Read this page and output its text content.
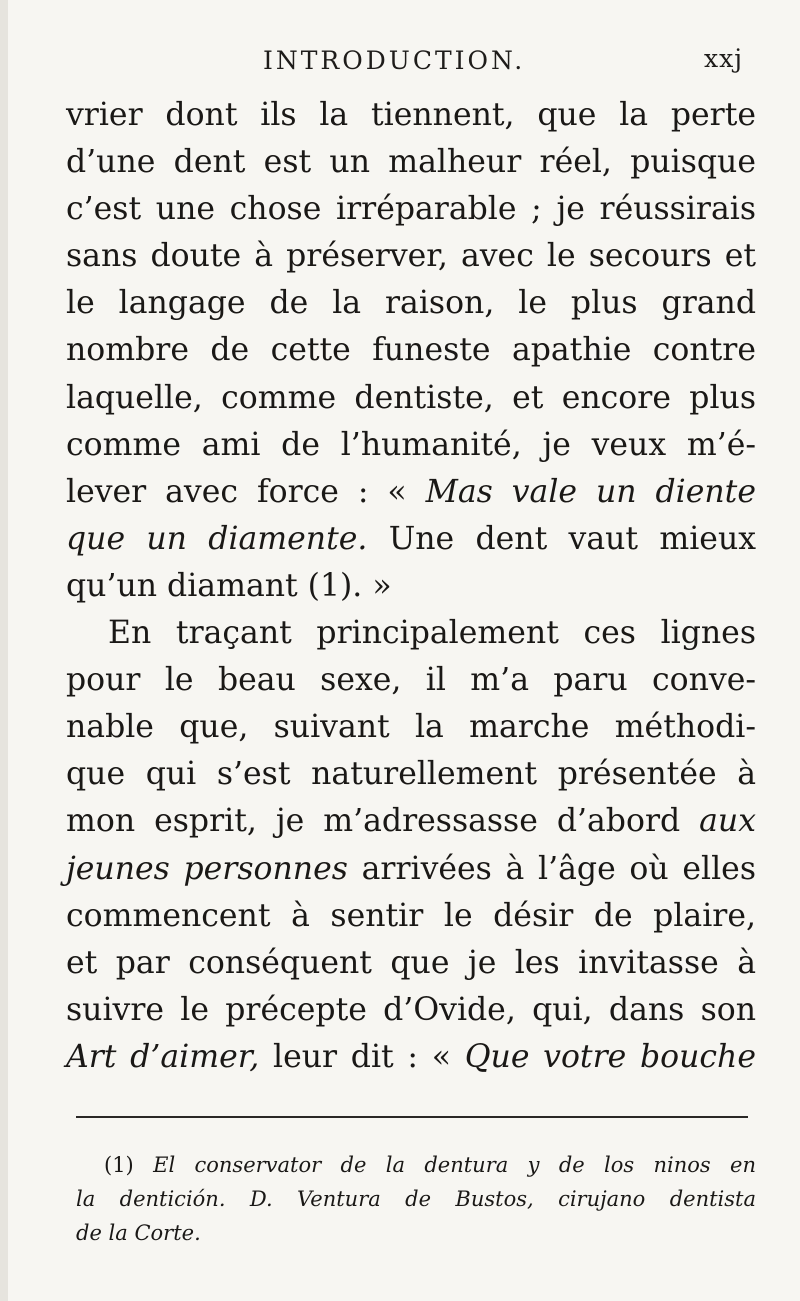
INTRODUCTION.	xxj
vrier dont ils la tiennent, que la perte
d’une dent est un malheur réel, puisque
c’est une chose irréparable ; je réussirais
sans doute à préserver, avec le secours et
le langage de la raison, le plus grand
nombre de cette funeste apathie contre
laquelle, comme dentiste, et encore plus
comme ami de l’humanité, je veux m’é-
lever avec force : « Mas vale un diente
que un diamente. Une dent vaut mieux
qu’un diamant (1). »
En traçant principalement ces lignes
pour le beau sexe, il m’a paru conve-
nable que, suivant la marche méthodi-
que qui s’est naturellement présentée à
mon esprit, je m’adressasse d’abord aux
jeunes personnes arrivées à l’âge où elles
commencent à sentir le désir de plaire,
et par conséquent que je les invitasse à
suivre le précepte d’Ovide, qui, dans son
Art d’aimer, leur dit : « Que votre bouche
(1) El conservator de la dentura y de los ninos en
la dentición. D. Ventura de Bustos, cirujano dentista
de la Corte.
